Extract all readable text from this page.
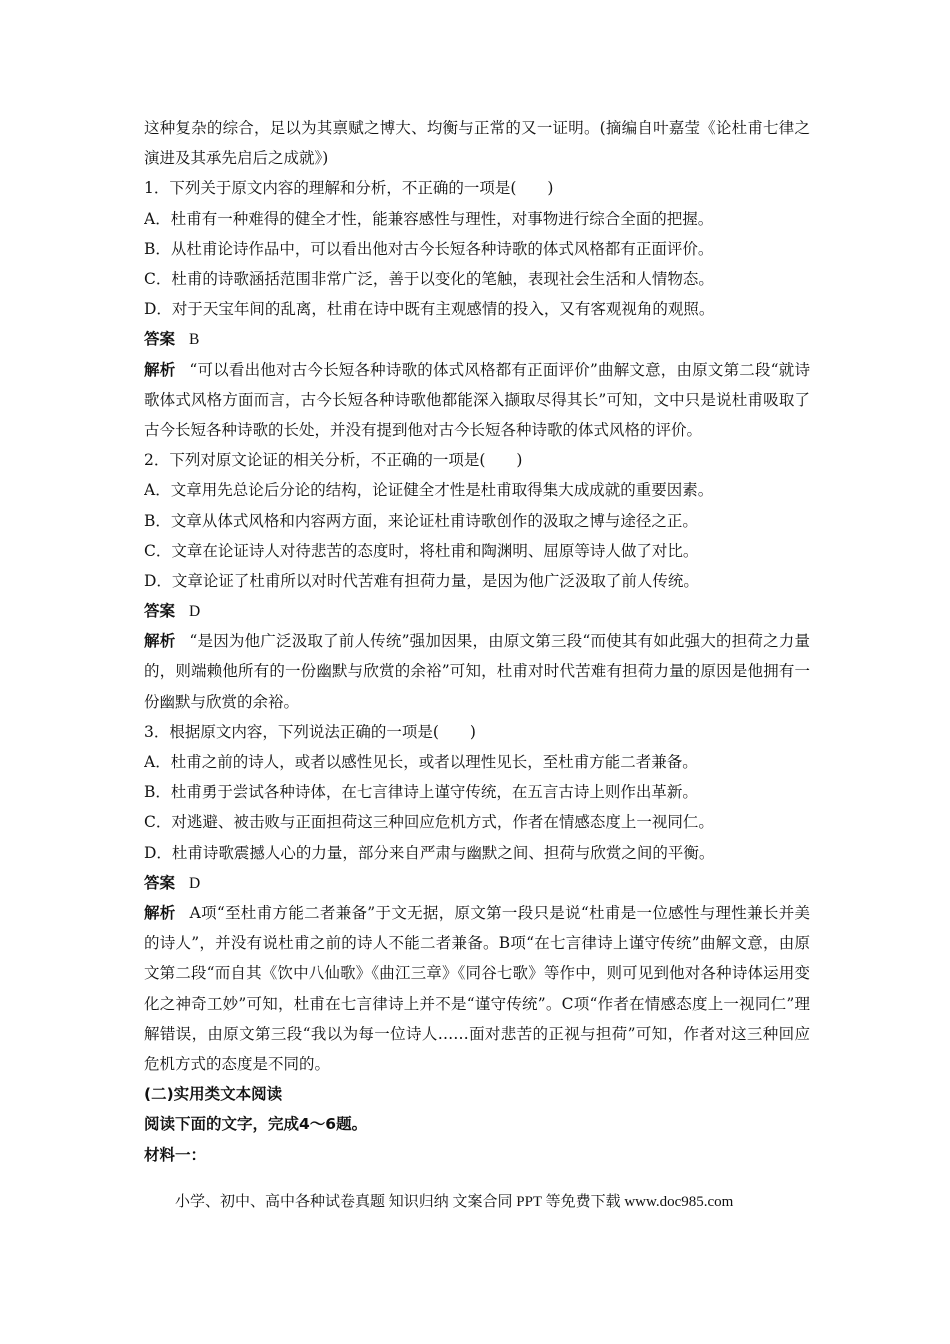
这种复杂的综合，足以为其禀赋之博大、均衡与正常的又一证明。(摘编自叶嘉莹《论杜甫七律之演进及其承先启后之成就》)
1．下列关于原文内容的理解和分析，不正确的一项是(　　)
A．杜甫有一种难得的健全才性，能兼容感性与理性，对事物进行综合全面的把握。
B．从杜甫论诗作品中，可以看出他对古今长短各种诗歌的体式风格都有正面评价。
C．杜甫的诗歌涵括范围非常广泛，善于以变化的笔触，表现社会生活和人情物态。
D．对于天宝年间的乱离，杜甫在诗中既有主观感情的投入，又有客观视角的观照。
答案 B
解析 “可以看出他对古今长短各种诗歌的体式风格都有正面评价”曲解文意，由原文第二段“就诗歌体式风格方面而言，古今长短各种诗歌他都能深入撷取尽得其长”可知，文中只是说杜甫吸取了古今长短各种诗歌的长处，并没有提到他对古今长短各种诗歌的体式风格的评价。
2．下列对原文论证的相关分析，不正确的一项是(　　)
A．文章用先总论后分论的结构，论证健全才性是杜甫取得集大成成就的重要因素。
B．文章从体式风格和内容两方面，来论证杜甫诗歌创作的汲取之博与途径之正。
C．文章在论证诗人对待悲苦的态度时，将杜甫和陶渊明、屈原等诗人做了对比。
D．文章论证了杜甫所以对时代苦难有担荷力量，是因为他广泛汲取了前人传统。
答案 D
解析 “是因为他广泛汲取了前人传统”强加因果，由原文第三段“而使其有如此强大的担荷之力量的，则端赖他所有的一份幽默与欣赏的余裕”可知，杜甫对时代苦难有担荷力量的原因是他拥有一份幽默与欣赏的余裕。
3．根据原文内容，下列说法正确的一项是(　　)
A．杜甫之前的诗人，或者以感性见长，或者以理性见长，至杜甫方能二者兼备。
B．杜甫勇于尝试各种诗体，在七言律诗上谨守传统，在五言古诗上则作出革新。
C．对逃避、被击败与正面担荷这三种回应危机方式，作者在情感态度上一视同仁。
D．杜甫诗歌震撼人心的力量，部分来自严肃与幽默之间、担荷与欣赏之间的平衡。
答案 D
解析 A项“至杜甫方能二者兼备”于文无据，原文第一段只是说“杜甫是一位感性与理性兼长并美的诗人”，并没有说杜甫之前的诗人不能二者兼备。B项“在七言律诗上谨守传统”曲解文意，由原文第二段“而自其《饮中八仙歌》《曲江三章》《同谷七歌》等作中，则可见到他对各种诗体运用变化之神奇工妙”可知，杜甫在七言律诗上并不是“谨守传统”。C项“作者在情感态度上一视同仁”理解错误，由原文第三段“我以为每一位诗人……面对悲苦的正视与担荷”可知，作者对这三种回应危机方式的态度是不同的。
(二)实用类文本阅读
阅读下面的文字，完成4～6题。
材料一：
小学、初中、高中各种试卷真题 知识归纳 文案合同 PPT 等免费下载 www.doc985.com
